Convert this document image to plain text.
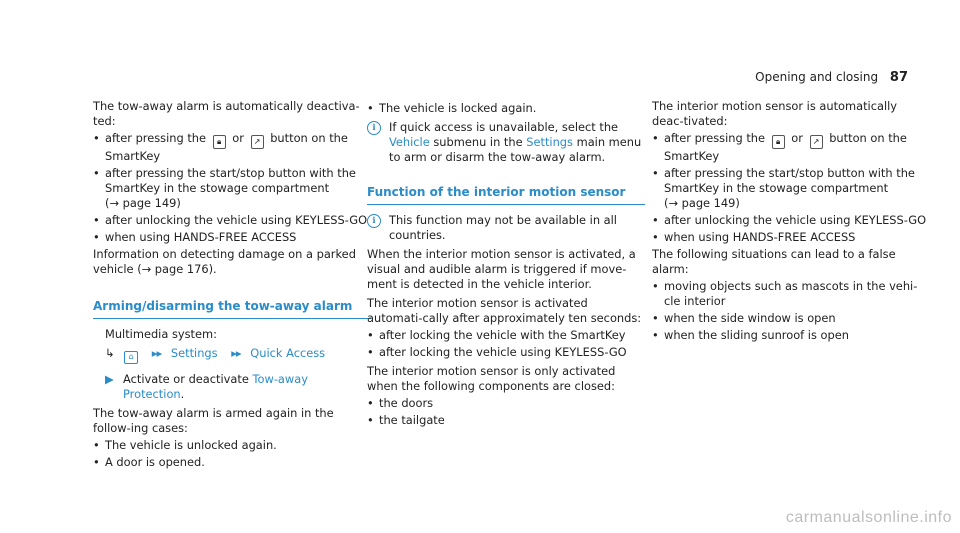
Opening and closing 87

The tow-away alarm is automatically deactiva-ted:

• after pressing the 🔒︎ or ↗ button on the SmartKey
• after pressing the start/stop button with the SmartKey in the stowage compartment
(→ page 149)
• after unlocking the vehicle using KEYLESS-GO
• when using HANDS-FREE ACCESS

Information on detecting damage on a parked vehicle (→ page 176).

Arming/disarming the tow-away alarm

Multimedia system:

↳ ⌂ ▸▸ Settings ▸▸ Quick Access
▶ Activate or deactivate Tow-away Protection.

The tow-away alarm is armed again in the follow-ing cases:

• The vehicle is unlocked again.
• A door is opened.
• The vehicle is locked again.
i	If quick access is unavailable, select the Vehicle submenu in the Settings main menu to arm or disarm the tow-away alarm.
Function of the interior motion sensor
i	This function may not be available in all countries.

When the interior motion sensor is activated, a visual and audible alarm is triggered if move-ment is detected in the vehicle interior.

The interior motion sensor is activated automati-cally after approximately ten seconds:

• after locking the vehicle with the SmartKey
• after locking the vehicle using KEYLESS-GO

The interior motion sensor is only activated when the following components are closed:

• the doors
• the tailgate

The interior motion sensor is automatically deac-tivated:

• after pressing the 🔒︎ or ↗ button on the SmartKey
• after pressing the start/stop button with the SmartKey in the stowage compartment
(→ page 149)
• after unlocking the vehicle using KEYLESS-GO
• when using HANDS-FREE ACCESS

The following situations can lead to a false alarm:

• moving objects such as mascots in the vehi-cle interior
• when the side window is open
• when the sliding sunroof is open
carmanualsonline.info
